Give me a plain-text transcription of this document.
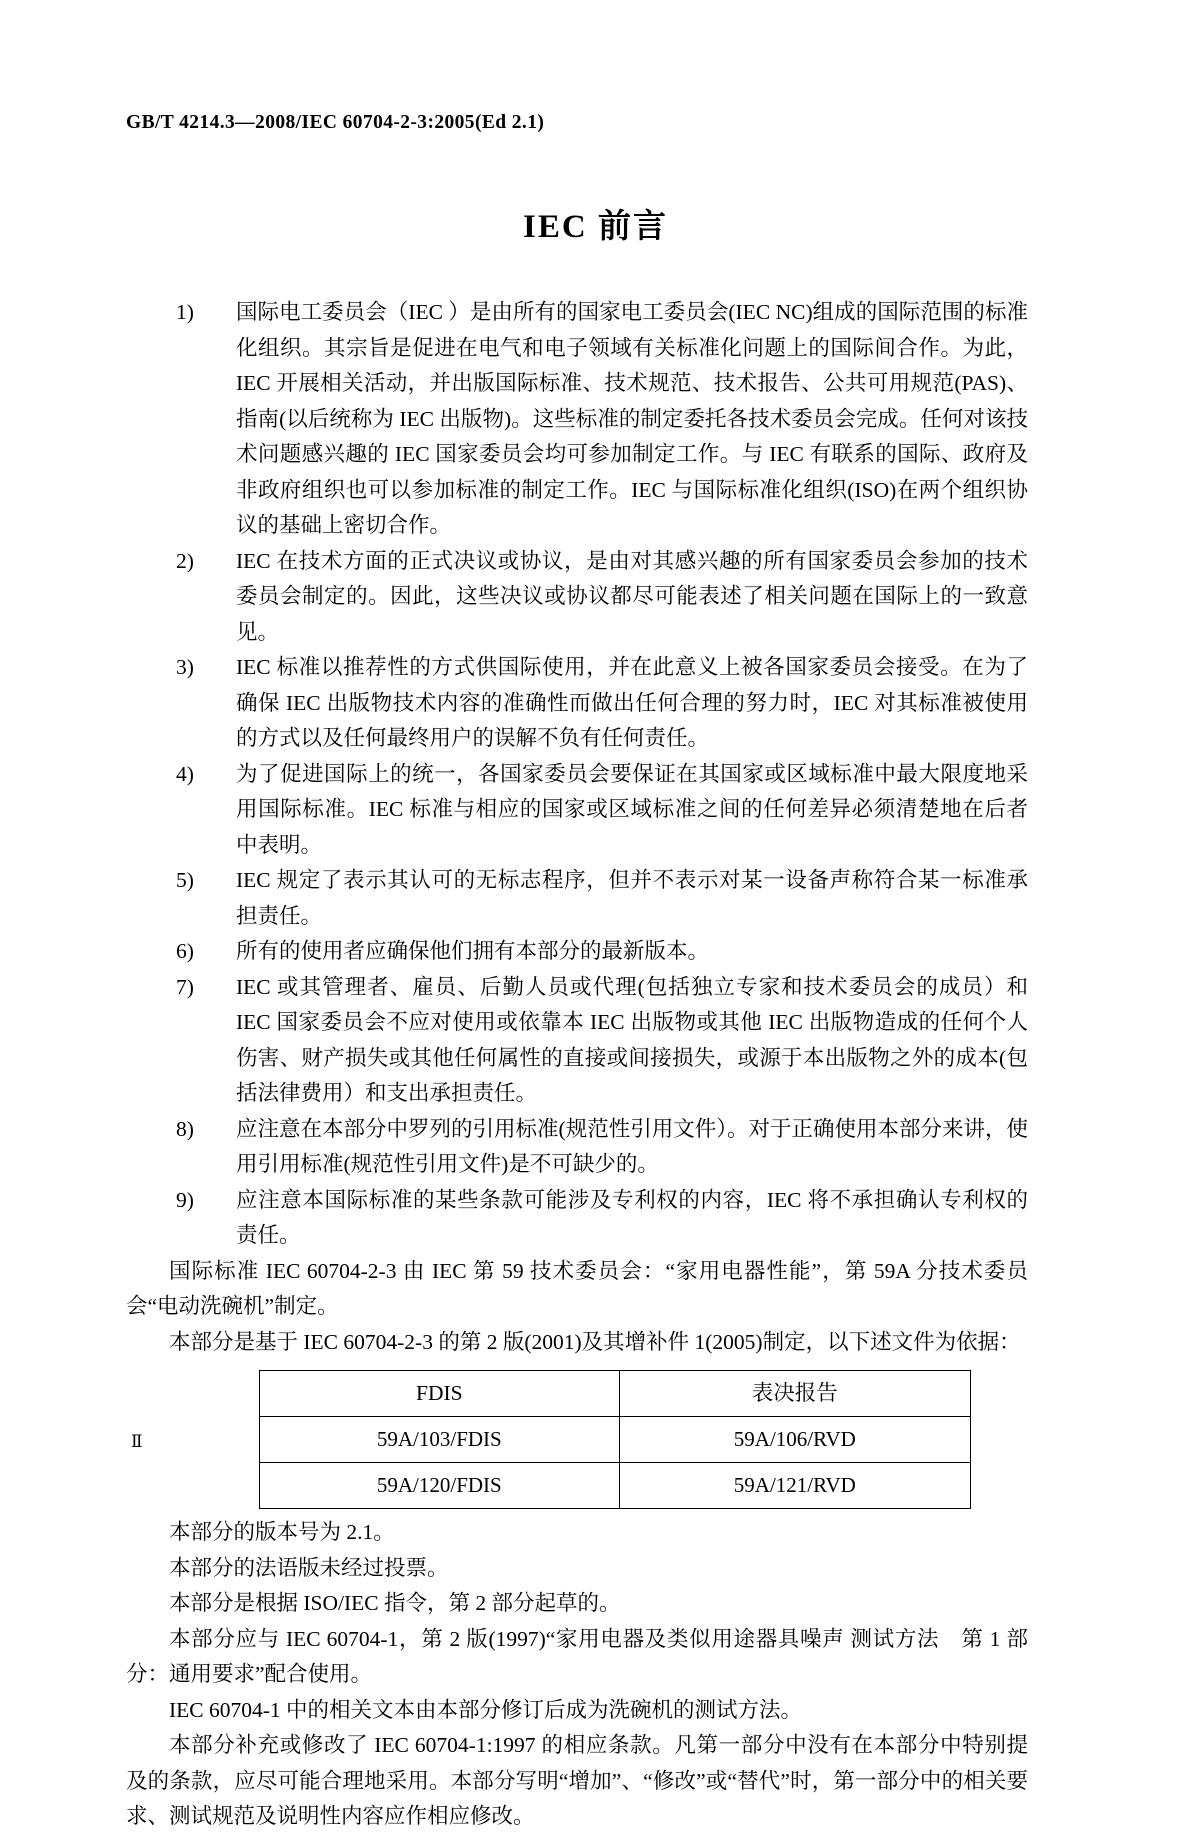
GB/T 4214.3—2008/IEC 60704-2-3:2005(Ed 2.1)
IEC 前言
1)	国际电工委员会（IEC ）是由所有的国家电工委员会(IEC NC)组成的国际范围的标准化组织。其宗旨是促进在电气和电子领域有关标准化问题上的国际间合作。为此，IEC 开展相关活动，并出版国际标准、技术规范、技术报告、公共可用规范(PAS)、指南(以后统称为 IEC 出版物)。这些标准的制定委托各技术委员会完成。任何对该技术问题感兴趣的 IEC 国家委员会均可参加制定工作。与 IEC 有联系的国际、政府及非政府组织也可以参加标准的制定工作。IEC 与国际标准化组织(ISO)在两个组织协议的基础上密切合作。
2)	IEC 在技术方面的正式决议或协议，是由对其感兴趣的所有国家委员会参加的技术委员会制定的。因此，这些决议或协议都尽可能表述了相关问题在国际上的一致意见。
3)	IEC 标准以推荐性的方式供国际使用，并在此意义上被各国家委员会接受。在为了确保 IEC 出版物技术内容的准确性而做出任何合理的努力时，IEC 对其标准被使用的方式以及任何最终用户的误解不负有任何责任。
4)	为了促进国际上的统一，各国家委员会要保证在其国家或区域标准中最大限度地采用国际标准。IEC 标准与相应的国家或区域标准之间的任何差异必须清楚地在后者中表明。
5)	IEC 规定了表示其认可的无标志程序，但并不表示对某一设备声称符合某一标准承担责任。
6)	所有的使用者应确保他们拥有本部分的最新版本。
7)	IEC 或其管理者、雇员、后勤人员或代理(包括独立专家和技术委员会的成员）和 IEC 国家委员会不应对使用或依靠本 IEC 出版物或其他 IEC 出版物造成的任何个人伤害、财产损失或其他任何属性的直接或间接损失，或源于本出版物之外的成本(包括法律费用）和支出承担责任。
8)	应注意在本部分中罗列的引用标准(规范性引用文件）。对于正确使用本部分来讲，使用引用标准(规范性引用文件)是不可缺少的。
9)	应注意本国际标准的某些条款可能涉及专利权的内容，IEC 将不承担确认专利权的责任。

国际标准 IEC 60704-2-3 由 IEC 第 59 技术委员会：“家用电器性能”，第 59A 分技术委员会“电动洗碗机”制定。

本部分是基于 IEC 60704-2-3 的第 2 版(2001)及其增补件 1(2005)制定，以下述文件为依据：

FDIS	表决报告
59A/103/FDIS	59A/106/RVD
59A/120/FDIS	59A/121/RVD

本部分的版本号为 2.1。

本部分的法语版未经过投票。

本部分是根据 ISO/IEC 指令，第 2 部分起草的。

本部分应与 IEC 60704-1，第 2 版(1997)“家用电器及类似用途器具噪声 测试方法　第 1 部分：通用要求”配合使用。

IEC 60704-1 中的相关文本由本部分修订后成为洗碗机的测试方法。

本部分补充或修改了 IEC 60704-1:1997 的相应条款。凡第一部分中没有在本部分中特别提及的条款，应尽可能合理地采用。本部分写明“增加”、“修改”或“替代”时，第一部分中的相关要求、测试规范及说明性内容应作相应修改。

Ⅱ
